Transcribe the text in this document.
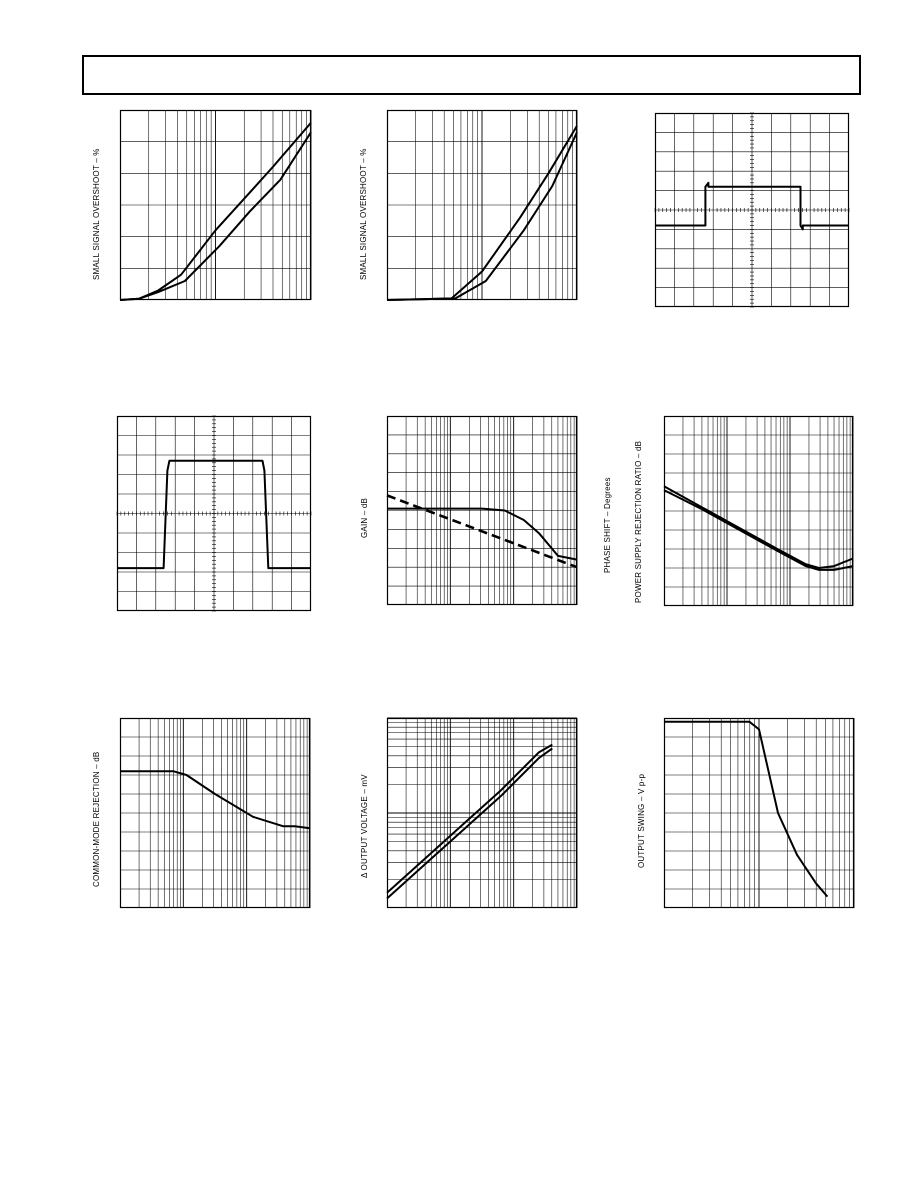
SMALL SIGNAL OVERSHOOT – %	SMALL SIGNAL OVERSHOOT – %
GAIN – dB	PHASE SHIFT – Degrees	POWER SUPPLY REJECTION RATIO – dB
COMMON-MODE REJECTION – dB	Δ OUTPUT VOLTAGE – mV	OUTPUT SWING – V p-p
